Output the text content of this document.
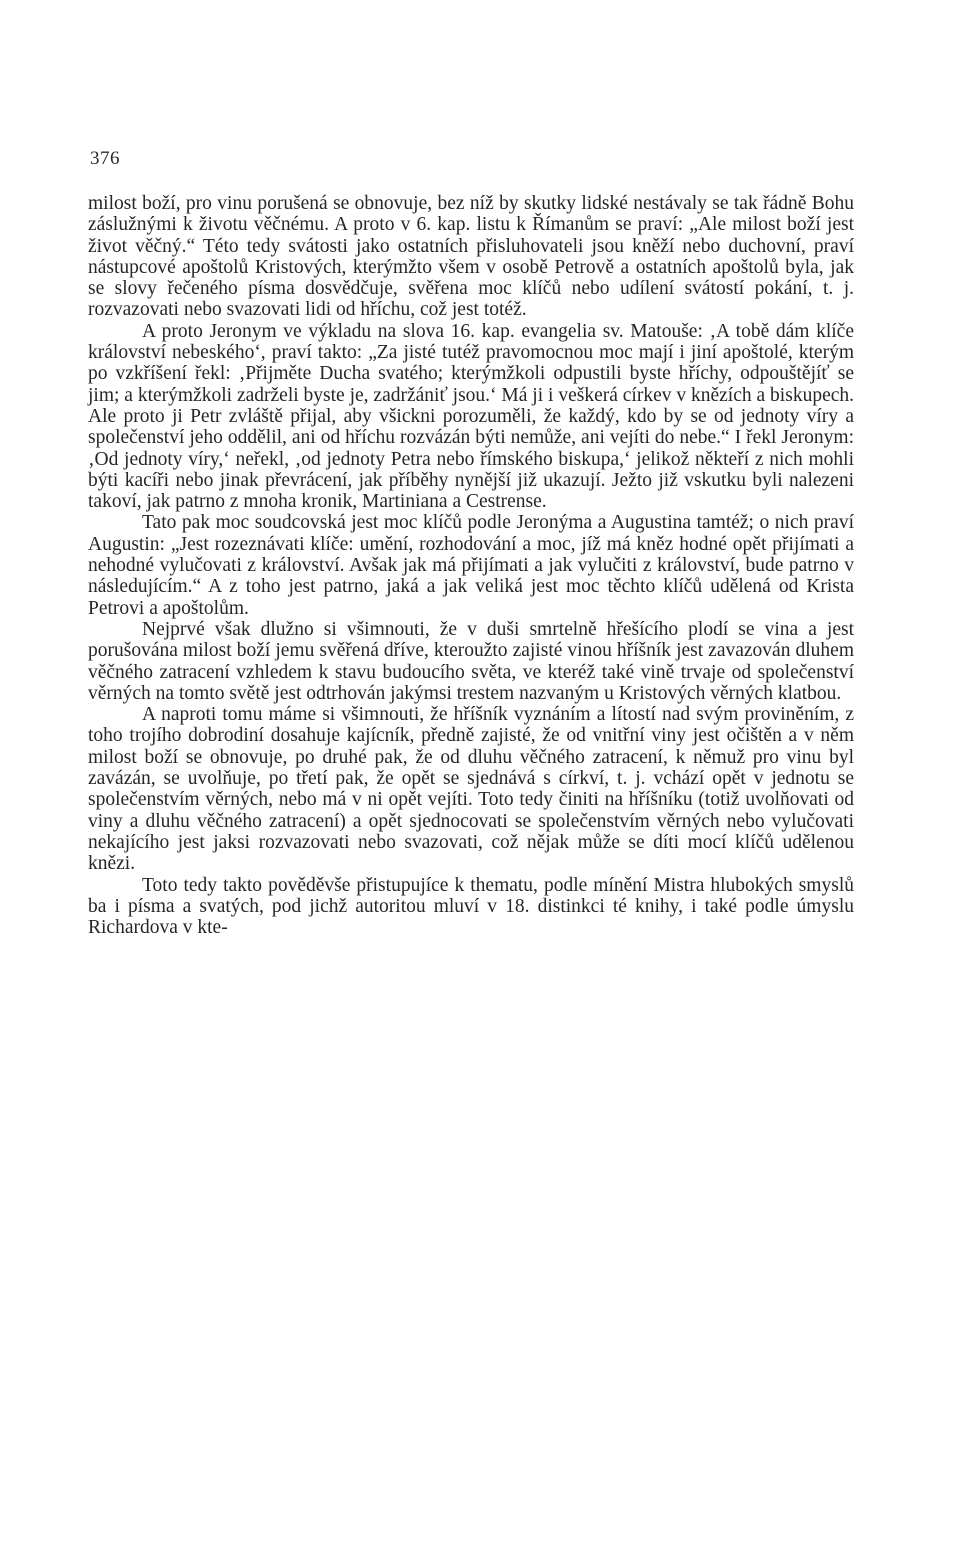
376

milost boží, pro vinu porušená se obnovuje, bez níž by skutky lidské nestávaly se tak řádně Bohu záslužnými k životu věčnému. A proto v 6. kap. listu k Římanům se praví: „Ale milost boží jest život věčný.“ Této tedy svátosti jako ostatních přisluhovateli jsou kněží nebo duchovní, praví nástupcové apoštolů Kristových, kterýmžto všem v osobě Petrově a ostatních apoštolů byla, jak se slovy řečeného písma dosvědčuje, svěřena moc klíčů nebo udílení svátostí pokání, t. j. rozvazovati nebo svazovati lidi od hříchu, což jest totéž.

A proto Jeronym ve výkladu na slova 16. kap. evangelia sv. Matouše: ‚A tobě dám klíče království nebeského‘, praví takto: „Za jisté tutéž pravomocnou moc mají i jiní apoštolé, kterým po vzkříšení řekl: ‚Přijměte Ducha svatého; kterýmžkoli odpustili byste hříchy, odpouštějíť se jim; a kterýmžkoli zadrželi byste je, zadržániť jsou.‘ Má ji i veškerá církev v knězích a biskupech. Ale proto ji Petr zvláště přijal, aby všickni porozuměli, že každý, kdo by se od jednoty víry a společenství jeho oddělil, ani od hříchu rozvázán býti nemůže, ani vejíti do nebe.“ I řekl Jeronym: ‚Od jednoty víry,‘ neřekl, ‚od jednoty Petra nebo římského biskupa,‘ jelikož někteří z nich mohli býti kacíři nebo jinak převrácení, jak příběhy nynější již ukazují. Ježto již vskutku byli nalezeni takoví, jak patrno z mnoha kronik, Martiniana a Cestrense.

Tato pak moc soudcovská jest moc klíčů podle Jeronýma a Augustina tamtéž; o nich praví Augustin: „Jest rozeznávati klíče: umění, rozhodování a moc, jíž má kněz hodné opět přijímati a nehodné vylučovati z království. Avšak jak má přijímati a jak vylučiti z království, bude patrno v následujícím.“ A z toho jest patrno, jaká a jak veliká jest moc těchto klíčů udělená od Krista Petrovi a apoštolům.

Nejprvé však dlužno si všimnouti, že v duši smrtelně hřešícího plodí se vina a jest porušována milost boží jemu svěřená dříve, kteroužto zajisté vinou hříšník jest zavazován dluhem věčného zatracení vzhledem k stavu budoucího světa, ve kteréž také vině trvaje od společenství věrných na tomto světě jest odtrhován jakýmsi trestem nazvaným u Kristových věrných klatbou.

A naproti tomu máme si všimnouti, že hříšník vyznáním a lítostí nad svým proviněním, z toho trojího dobrodiní dosahuje kajícník, předně zajisté, že od vnitřní viny jest očištěn a v něm milost boží se obnovuje, po druhé pak, že od dluhu věčného zatracení, k němuž pro vinu byl zavázán, se uvolňuje, po třetí pak, že opět se sjednává s církví, t. j. vchází opět v jednotu se společenstvím věrných, nebo má v ni opět vejíti. Toto tedy činiti na hříšníku (totiž uvolňovati od viny a dluhu věčného zatracení) a opět sjednocovati se společenstvím věrných nebo vylučovati nekajícího jest jaksi rozvazovati nebo svazovati, což nějak může se díti mocí klíčů udělenou knězi.

Toto tedy takto pověděvše přistupujíce k thematu, podle mínění Mistra hlubokých smyslů ba i písma a svatých, pod jichž autoritou mluví v 18. distinkci té knihy, i také podle úmyslu Richardova v kte-
